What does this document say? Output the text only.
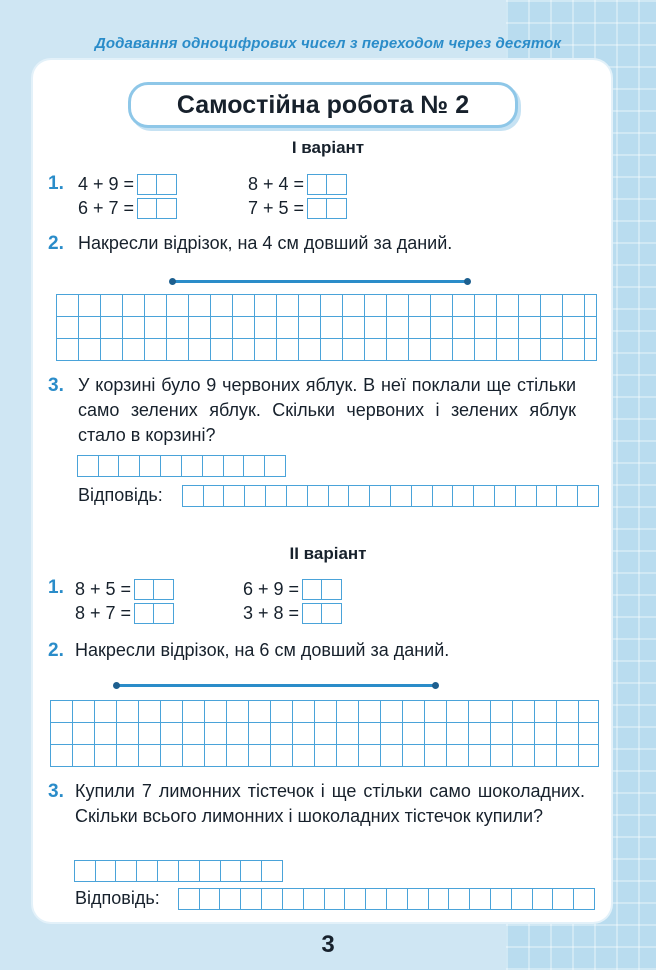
Додавання одноцифрових чисел з переходом через десяток
Самостійна робота № 2
І варіант
1. 4 + 9 =	8 + 4 =
6 + 7 =	7 + 5 =
2. Накресли відрізок, на 4 см довший за даний.
3. У корзині було 9 червоних яблук. В неї поклали ще стільки само зелених яблук. Скільки червоних і зелених яблук стало в корзині?
Відповідь:
ІІ варіант
1. 8 + 5 =	6 + 9 =
8 + 7 =	3 + 8 =
2. Накресли відрізок, на 6 см довший за даний.
3. Купили 7 лимонних тістечок і ще стільки само шоколадних. Скільки всього лимонних і шоколадних тістечок купили?
Відповідь:
3
